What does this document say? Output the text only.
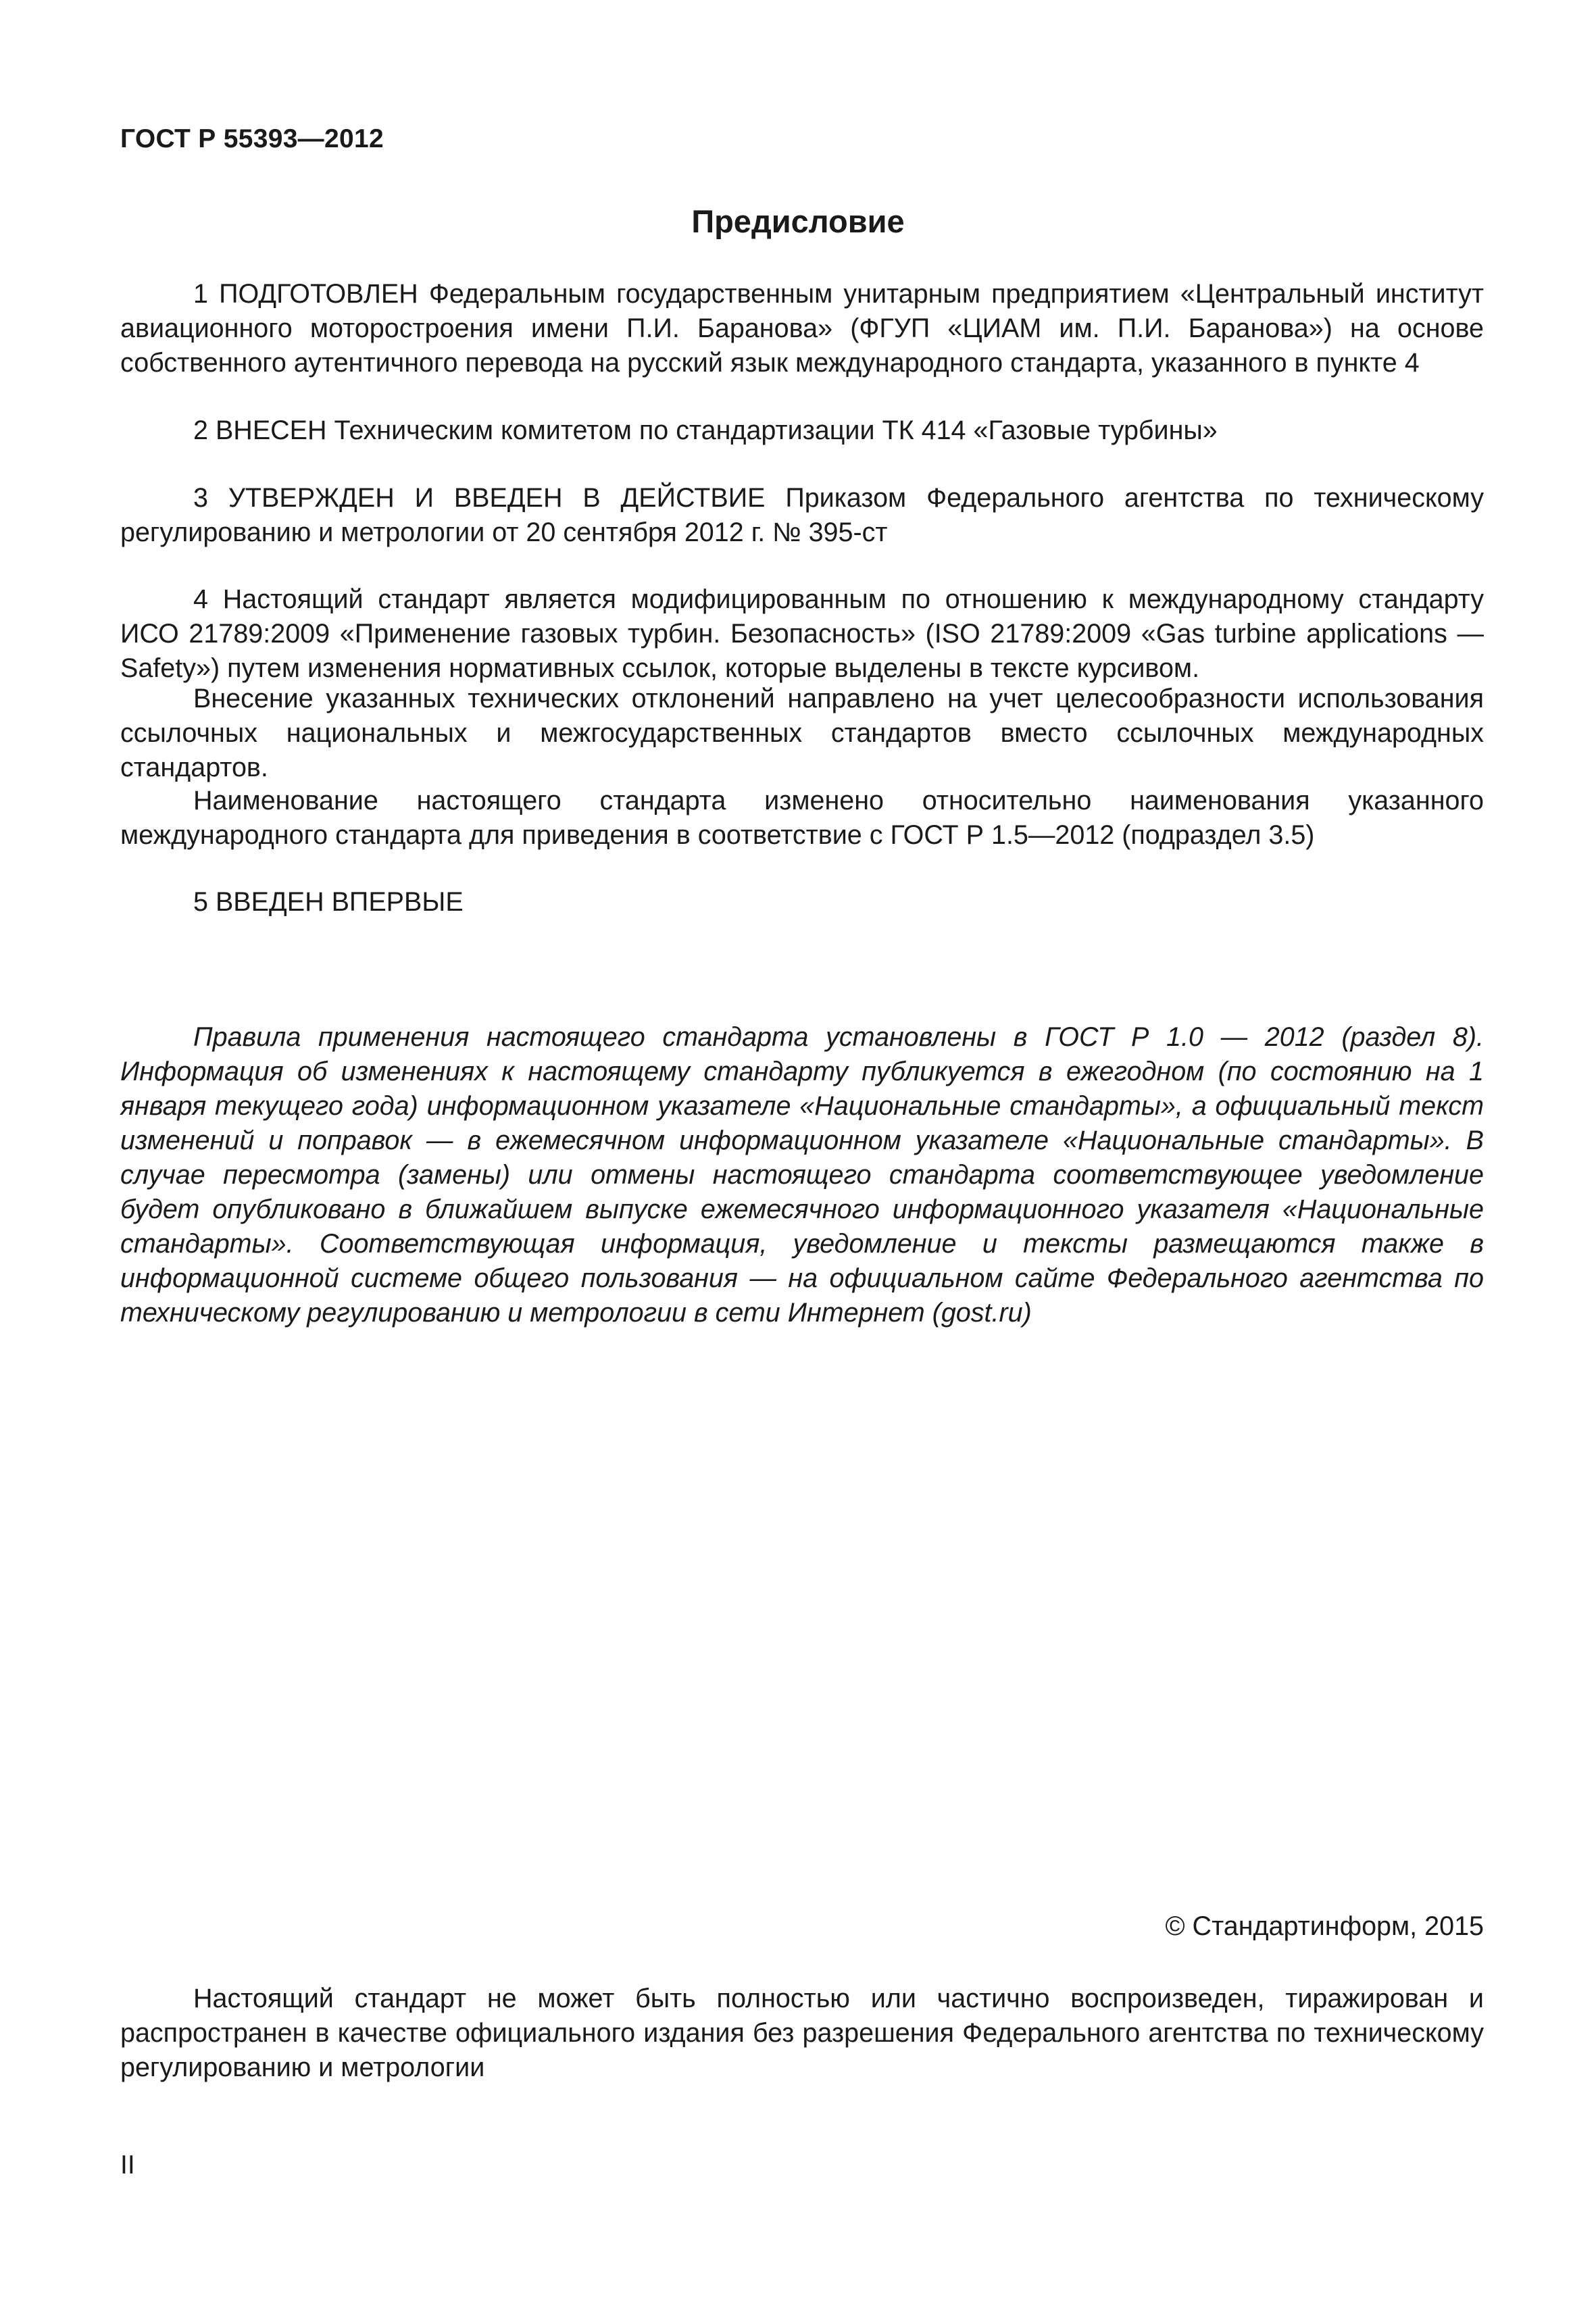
ГОСТ Р 55393—2012
Предисловие

1 ПОДГОТОВЛЕН Федеральным государственным унитарным предприятием «Центральный институт авиационного моторостроения имени П.И. Баранова» (ФГУП «ЦИАМ им. П.И. Баранова») на основе собственного аутентичного перевода на русский язык международного стандарта, указанного в пункте 4

2 ВНЕСЕН Техническим комитетом по стандартизации ТК 414 «Газовые турбины»

3 УТВЕРЖДЕН И ВВЕДЕН В ДЕЙСТВИЕ Приказом Федерального агентства по техническому регулированию и метрологии от 20 сентября 2012 г. № 395-ст

4 Настоящий стандарт является модифицированным по отношению к международному стандарту ИСО 21789:2009 «Применение газовых турбин. Безопасность» (ISO 21789:2009 «Gas turbine applications — Safety») путем изменения нормативных ссылок, которые выделены в тексте курсивом.

Внесение указанных технических отклонений направлено на учет целесообразности использования ссылочных национальных и межгосударственных стандартов вместо ссылочных международных стандартов.

Наименование настоящего стандарта изменено относительно наименования указанного международного стандарта для приведения в соответствие с ГОСТ Р 1.5—2012 (подраздел 3.5)

5 ВВЕДЕН ВПЕРВЫЕ

Правила применения настоящего стандарта установлены в ГОСТ Р 1.0 — 2012 (раздел 8). Информация об изменениях к настоящему стандарту публикуется в ежегодном (по состоянию на 1 января текущего года) информационном указателе «Национальные стандарты», а официальный текст изменений и поправок — в ежемесячном информационном указателе «Национальные стандарты». В случае пересмотра (замены) или отмены настоящего стандарта соответствующее уведомление будет опубликовано в ближайшем выпуске ежемесячного информационного указателя «Национальные стандарты». Соответствующая информация, уведомление и тексты размещаются также в информационной системе общего пользования — на официальном сайте Федерального агентства по техническому регулированию и метрологии в сети Интернет (gost.ru)

© Стандартинформ, 2015

Настоящий стандарт не может быть полностью или частично воспроизведен, тиражирован и распространен в качестве официального издания без разрешения Федерального агентства по техническому регулированию и метрологии

II
